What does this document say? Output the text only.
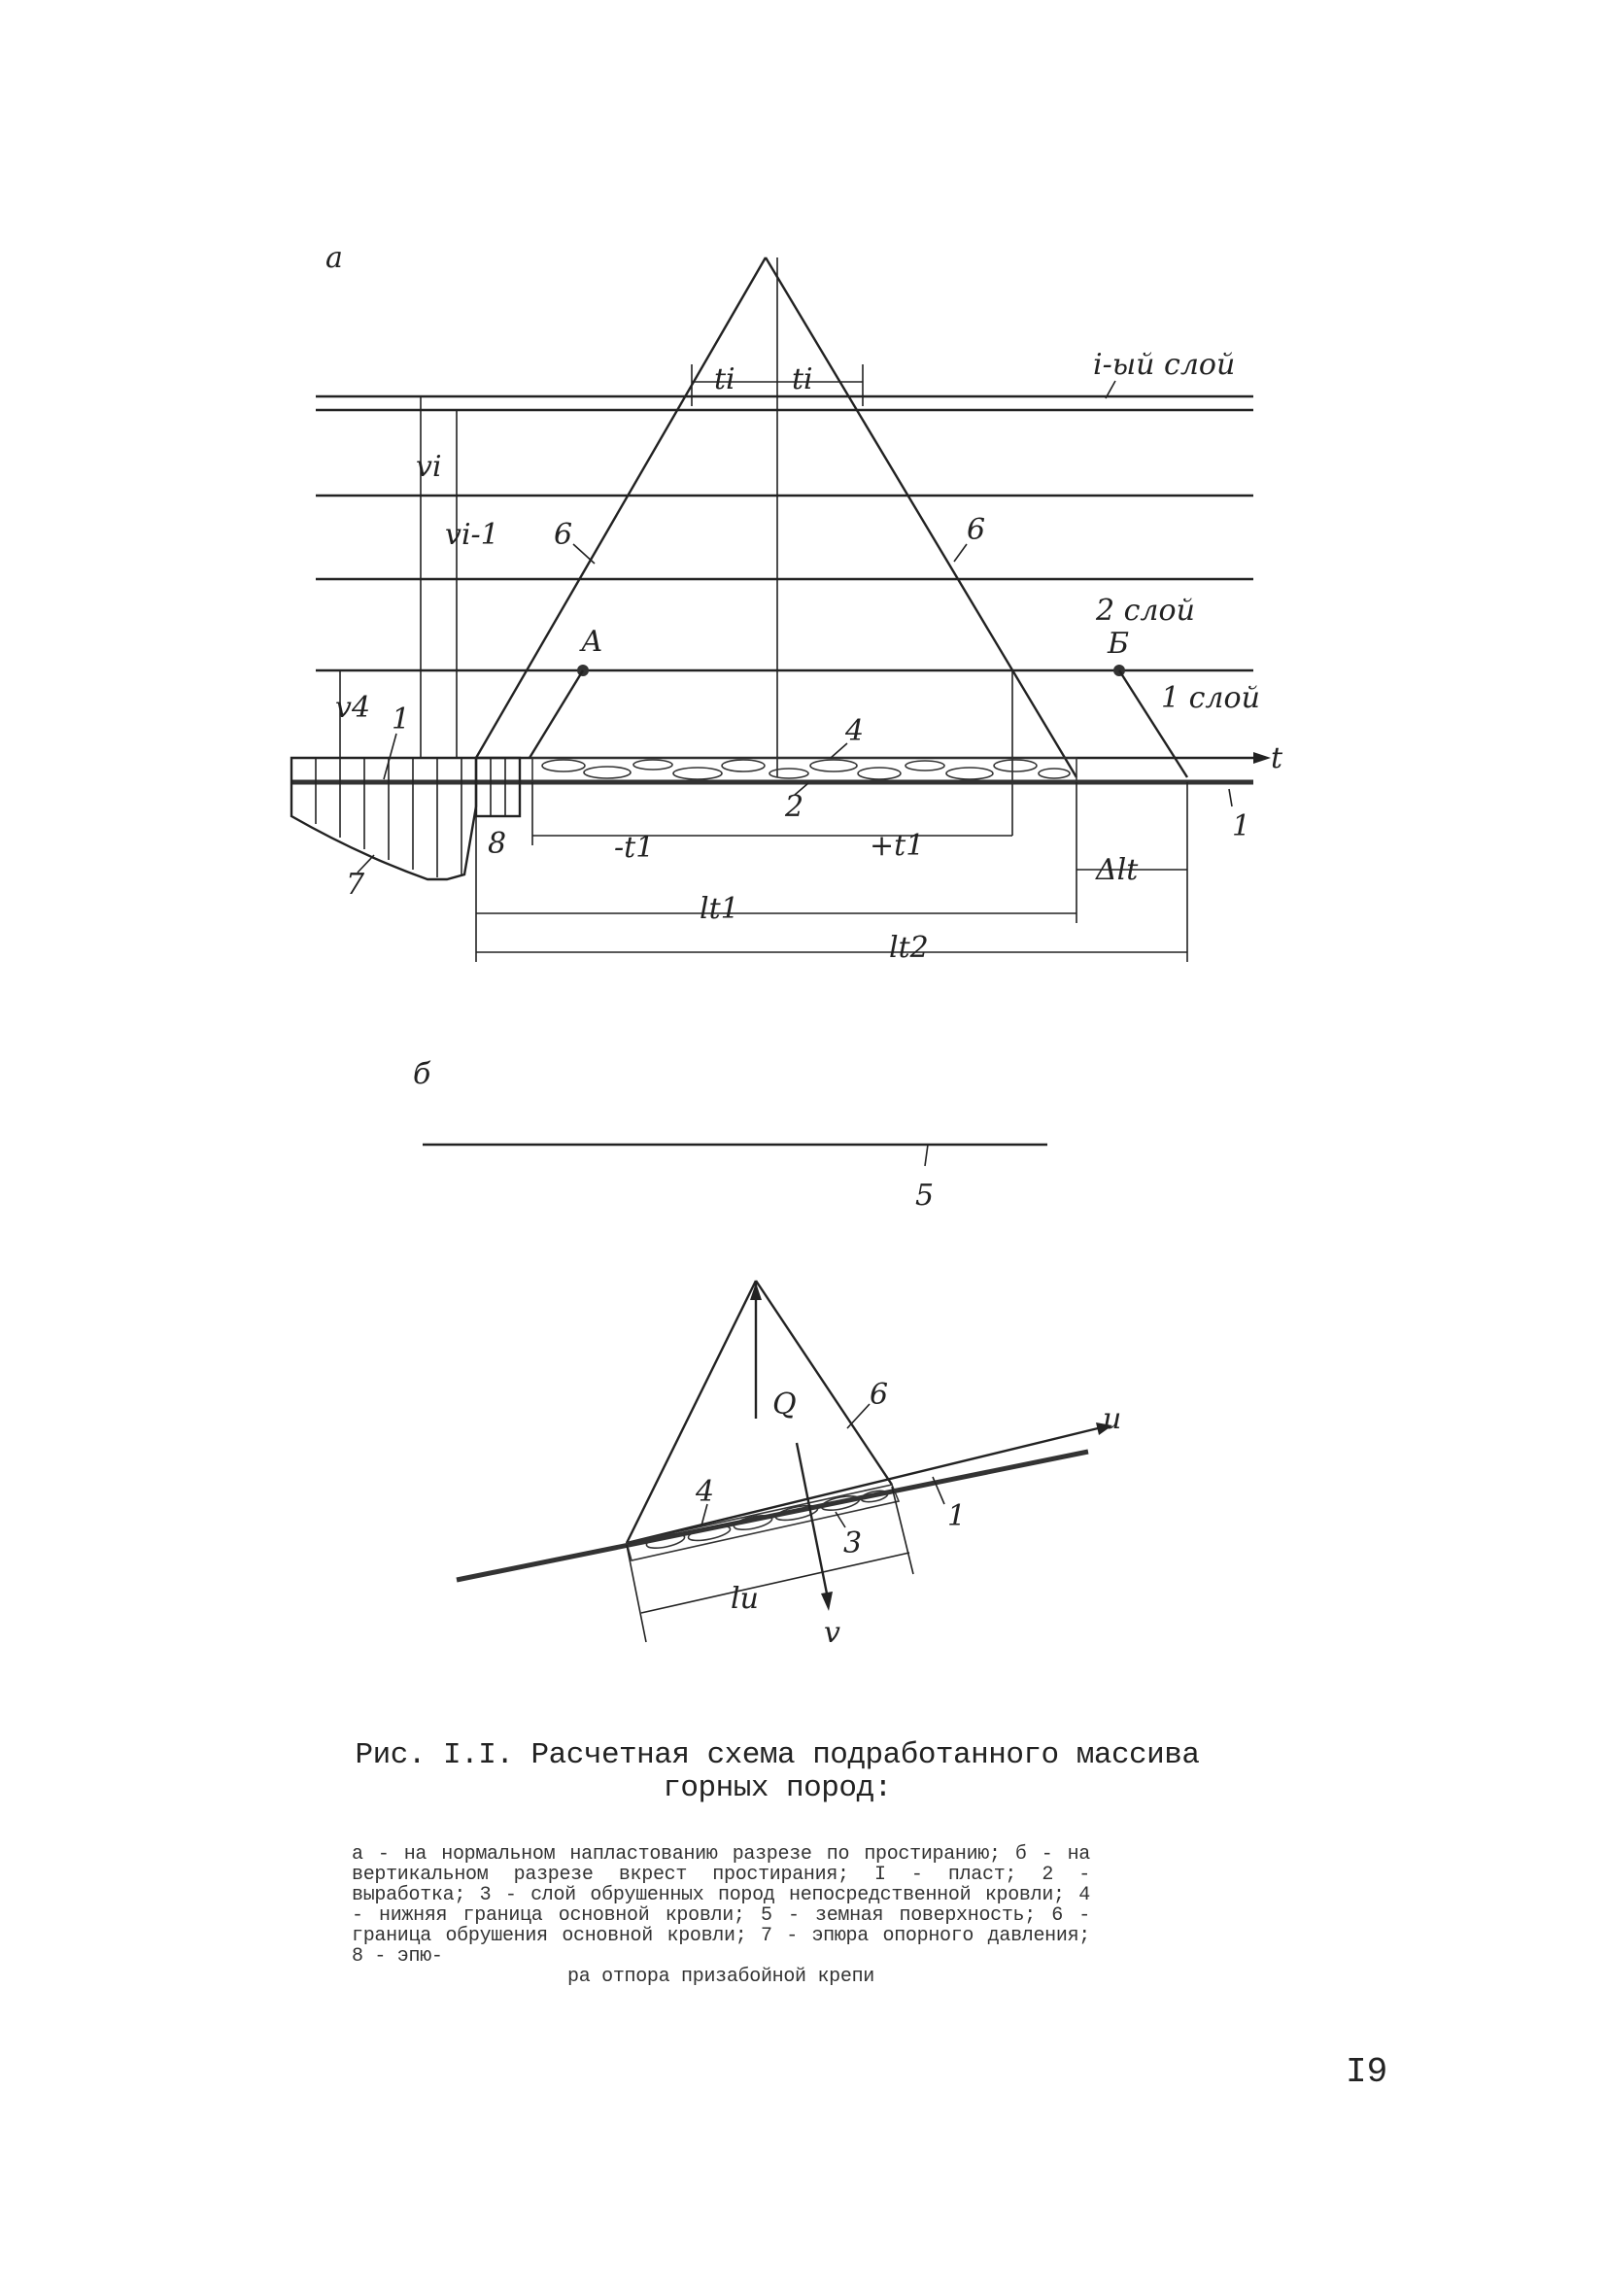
а
i-ый слой
2 слой
1 слой
6	6
ti ti
vi
vi-1
v4
А	Б
t
4
2
1
7
8
1
-t1	+t1
lt1
lt2
Δlt
б
5
u
Q	6
4
3
1
v
lu
Рис. I.I. Расчетная схема подработанного массива
горных пород:
а - на нормальном напластованию разрезе по простиранию; б - на вертикальном разрезе вкрест простирания; I - пласт; 2 - выработка; 3 - слой обрушенных пород непосредственной кровли; 4 - нижняя граница основной кровли; 5 - земная поверхность; 6 - граница обрушения основной кровли; 7 - эпюра опорного давления; 8 - эпю-
ра отпора призабойной крепи
I9
